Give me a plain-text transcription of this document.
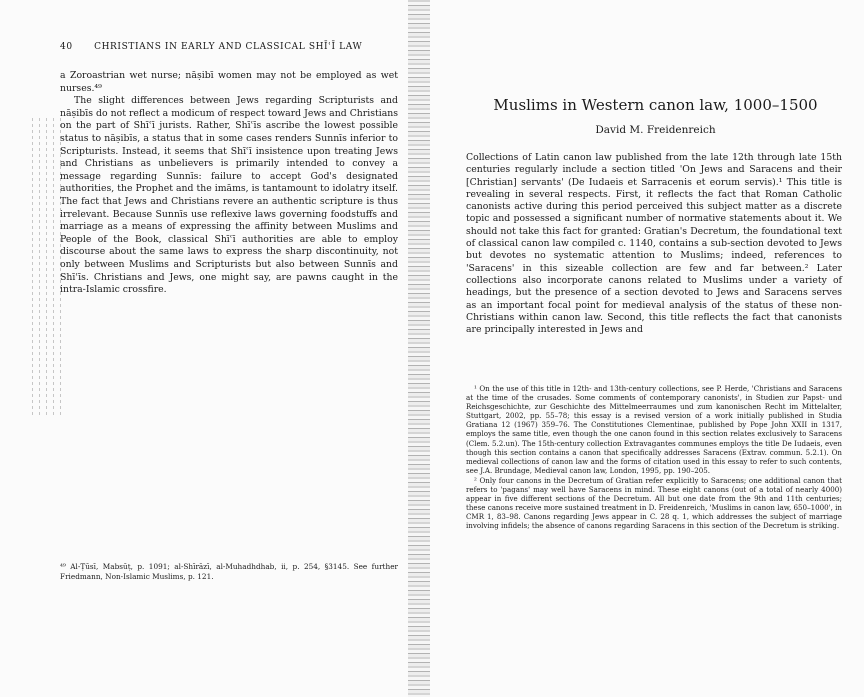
40 CHRISTIANS IN EARLY AND CLASSICAL SHĪʿĪ LAW

a Zoroastrian wet nurse; nāṣibī women may not be employed as wet nurses.⁴⁹

The slight differences between Jews regarding Scripturists and nāṣibīs do not reflect a modicum of respect toward Jews and Christians on the part of Shīʿī jurists. Rather, Shīʿīs ascribe the lowest possible status to nāṣibīs, a status that in some cases renders Sunnīs inferior to Scripturists. Instead, it seems that Shīʿī insistence upon treating Jews and Christians as unbelievers is primarily intended to convey a message regarding Sunnīs: failure to accept God's designated authorities, the Prophet and the imāms, is tantamount to idolatry itself. The fact that Jews and Christians revere an authentic scripture is thus irrelevant. Because Sunnīs use reflexive laws governing foodstuffs and marriage as a means of expressing the affinity between Muslims and People of the Book, classical Shīʿī authorities are able to employ discourse about the same laws to express the sharp discontinuity, not only between Muslims and Scripturists but also between Sunnīs and Shīʿīs. Christians and Jews, one might say, are pawns caught in the intra-Islamic crossfire.

⁴⁹ Al-Ṭūsī, Mabsūṭ, p. 1091; al-Shīrāzī, al-Muhadhdhab, ii, p. 254, §3145. See further Friedmann, Non-Islamic Muslims, p. 121.
Muslims in Western canon law, 1000–1500
David M. Freidenreich

Collections of Latin canon law published from the late 12th through late 15th centuries regularly include a section titled 'On Jews and Saracens and their [Christian] servants' (De Iudaeis et Sarracenis et eorum servis).¹ This title is revealing in several respects. First, it reflects the fact that Roman Catholic canonists active during this period perceived this subject matter as a discrete topic and possessed a significant number of normative statements about it. We should not take this fact for granted: Gratian's Decretum, the foundational text of classical canon law compiled c. 1140, contains a sub-section devoted to Jews but devotes no systematic attention to Muslims; indeed, references to 'Saracens' in this sizeable collection are few and far between.² Later collections also incorporate canons related to Muslims under a variety of headings, but the presence of a section devoted to Jews and Saracens serves as an important focal point for medieval analysis of the status of these non-Christians within canon law. Second, this title reflects the fact that canonists are principally interested in Jews and

¹ On the use of this title in 12th- and 13th-century collections, see P. Herde, 'Christians and Saracens at the time of the crusades. Some comments of contemporary canonists', in Studien zur Papst- und Reichsgeschichte, zur Geschichte des Mittelmeerraumes und zum kanonischen Recht im Mittelalter, Stuttgart, 2002, pp. 55–78; this essay is a revised version of a work initially published in Studia Gratiana 12 (1967) 359–76. The Constitutiones Clementinae, published by Pope John XXII in 1317, employs the same title, even though the one canon found in this section relates exclusively to Saracens (Clem. 5.2.un). The 15th-century collection Extravagantes communes employs the title De Iudaeis, even though this section contains a canon that specifically addresses Saracens (Extrav. commun. 5.2.1). On medieval collections of canon law and the forms of citation used in this essay to refer to such contents, see J.A. Brundage, Medieval canon law, London, 1995, pp. 190–205.

² Only four canons in the Decretum of Gratian refer explicitly to Saracens; one additional canon that refers to 'pagans' may well have Saracens in mind. These eight canons (out of a total of nearly 4000) appear in five different sections of the Decretum. All but one date from the 9th and 11th centuries; these canons receive more sustained treatment in D. Freidenreich, 'Muslims in canon law, 650–1000', in CMR 1, 83–98. Canons regarding Jews appear in C. 28 q. 1, which addresses the subject of marriage involving infidels; the absence of canons regarding Saracens in this section of the Decretum is striking.
